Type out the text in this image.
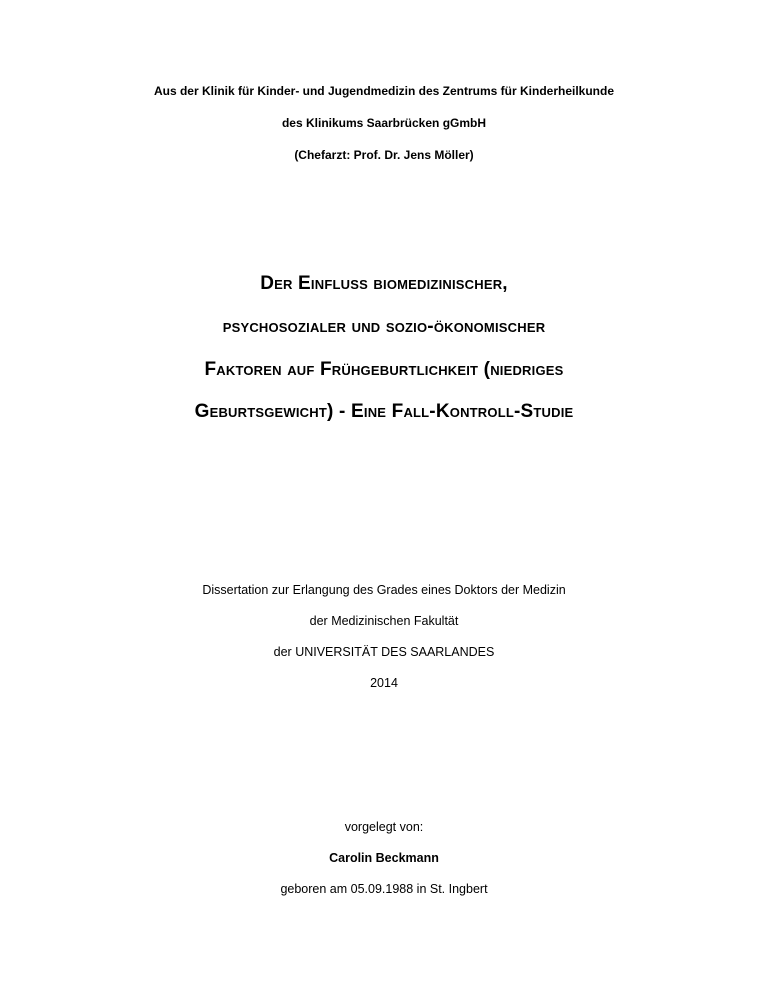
Aus der Klinik für Kinder- und Jugendmedizin des Zentrums für Kinderheilkunde
des Klinikums Saarbrücken gGmbH
(Chefarzt: Prof. Dr. Jens Möller)
Der Einfluss biomedizinischer,
psychosozialer und sozio-ökonomischer
Faktoren auf Frühgeburtlichkeit (niedriges
Geburtsgewicht) - Eine Fall-Kontroll-Studie
Dissertation zur Erlangung des Grades eines Doktors der Medizin
der Medizinischen Fakultät
der UNIVERSITÄT DES SAARLANDES
2014
vorgelegt von:
Carolin Beckmann
geboren am 05.09.1988 in St. Ingbert
